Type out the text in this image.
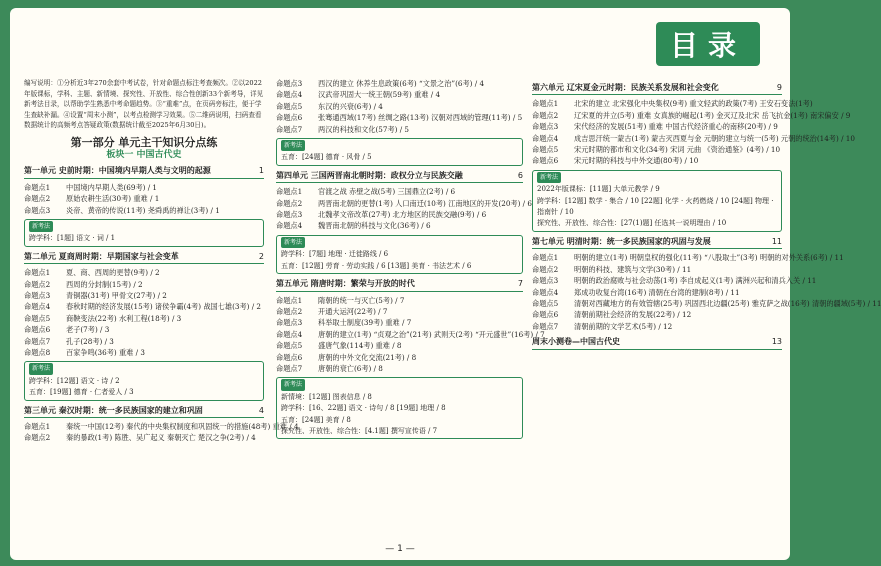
目录
编写说明：①分析近3年270余套中考试卷，针对命题点标注考查频次。②以2022年版课标，学科、主题、新情境、探究性、开放性、综合性创新33个新考导，详见新考法目录，以帮助学生熟悉中考命题趋势。③“重难”点，在页码旁标注，便于学生查缺补漏。④设置“周末小测”，以考点检测学习效果。⑤二维码说明，扫码查看数据统计的高频考点答疑政策(数据统计截至2025年6月30日)。
第一部分 单元主干知识分点练
板块一 中国古代史
第一单元 史前时期：中国境内早期人类与文明的起源	1
命题点1	中国境内早期人类(69考) / 1
命题点2	原始农耕生活(30考) 重难 / 1
命题点3	炎帝、黄帝的传说(11考) 尧舜禹的禅让(3考) / 1
新考法
跨学科：[1题] 语文 · 词 / 1
第二单元 夏商周时期：早期国家与社会变革	2
命题点1	夏、商、西周的更替(9考) / 2
命题点2	西周的分封制(15考) / 2
命题点3	青铜器(31考) 甲骨文(27考) / 2
命题点4	春秋时期的经济发展(15考) 诸侯争霸(4考) 战国七雄(3考) / 2
命题点5	商鞅变法(22考) 水利工程(18考) / 3
命题点6	老子(7考) / 3
命题点7	孔子(28考) / 3
命题点8	百家争鸣(36考) 重难 / 3
新考法
跨学科：[12题] 语文 · 诗 / 2
五育：[19题] 德育 · 仁者爱人 / 3
第三单元 秦汉时期：统一多民族国家的建立和巩固	4
命题点1	秦统一中国(12考) 秦代的中央集权制度和巩固统一的措施(48考) 重难 / 4
命题点2	秦的暴政(1考) 陈胜、吴广起义 秦朝灭亡 楚汉之争(2考) / 4
命题点3	西汉的建立 休养生息政策(6考) “文景之治”(6考) / 4
命题点4	汉武帝巩固大一统王朝(59考) 重难 / 4
命题点5	东汉的兴衰(6考) / 4
命题点6	张骞通西域(17考) 丝绸之路(13考) 汉朝对西域的管理(11考) / 5
命题点7	两汉的科技和文化(57考) / 5
新考法
五育：[24题] 德育 · 风骨 / 5
第四单元 三国两晋南北朝时期：政权分立与民族交融	6
命题点1	官渡之战 赤壁之战(5考) 三国鼎立(2考) / 6
命题点2	两晋南北朝的更替(1考) 人口南迁(10考) 江南地区的开发(20考) / 6
命题点3	北魏孝文帝改革(27考) 北方地区的民族交融(9考) / 6
命题点4	魏晋南北朝的科技与文化(36考) / 6
新考法
跨学科：[7题] 地理 · 迁徙路线 / 6
五育：[12题] 劳育 · 劳动实践 / 6 [13题] 美育 · 书法艺术 / 6
第五单元 隋唐时期：繁荣与开放的时代	7
命题点1	隋朝的统一与灭亡(5考) / 7
命题点2	开通大运河(22考) / 7
命题点3	科举取士制度(39考) 重难 / 7
命题点4	唐朝的建立(1考) “贞观之治”(21考) 武则天(2考) “开元盛世”(16考) / 7
命题点5	盛唐气象(114考) 重难 / 8
命题点6	唐朝的中外文化交流(21考) / 8
命题点7	唐朝的衰亡(6考) / 8
新考法
新情境：[12题] 图表信息 / 8
跨学科：[16、22题] 语文 · 诗句 / 8 [19题] 地理 / 8
五育：[24题] 美育 / 8
探究性、开放性、综合性：[4.1题] 撰写宣传语 / 7
第六单元 辽宋夏金元时期：民族关系发展和社会变化	9
命题点1	北宋的建立 北宋强化中央集权(9考) 重文轻武的政策(7考) 王安石变法(1考)
命题点2	辽宋夏的并立(5考) 重难 女真族的崛起(1考) 金灭辽及北宋 岳飞抗金(1考) 南宋偏安 / 9
命题点3	宋代经济的发展(51考) 重难 中国古代经济重心的南移(20考) / 9
命题点4	成吉思汗统一蒙古(1考) 蒙古灭西夏与金 元朝的建立与统一(5考) 元朝的统治(14考) / 10
命题点5	宋元时期的都市和文化(34考) 宋词 元曲 《资治通鉴》(4考) / 10
命题点6	宋元时期的科技与中外交通(80考) / 10
新考法
2022年版课标：[11题] 大单元教学 / 9
跨学科：[12题] 数学 · 集合 / 10 [22题] 化学 · 火药燃烧 / 10 [24题] 物理 · 指南针 / 10
探究性、开放性、综合性：[27(1)题] 任选其一说明理由 / 10
第七单元 明清时期：统一多民族国家的巩固与发展	11
命题点1	明朝的建立(1考) 明朝皇权的强化(11考) “八股取士”(3考) 明朝的对外关系(6考) / 11
命题点2	明朝的科技、建筑与文学(30考) / 11
命题点3	明朝的政治腐败与社会动荡(1考) 李自成起义(1考) 满洲兴起和清兵入关 / 11
命题点4	郑成功收复台湾(16考) 清朝在台湾的建制(8考) / 11
命题点5	清朝对西藏地方的有效管辖(25考) 巩固西北边疆(25考) 雅克萨之战(16考) 清朝的疆域(5考) / 11
命题点6	清朝前期社会经济的发展(22考) / 12
命题点7	清朝前期的文学艺术(5考) / 12
周末小测卷—中国古代史	13
— 1 —
